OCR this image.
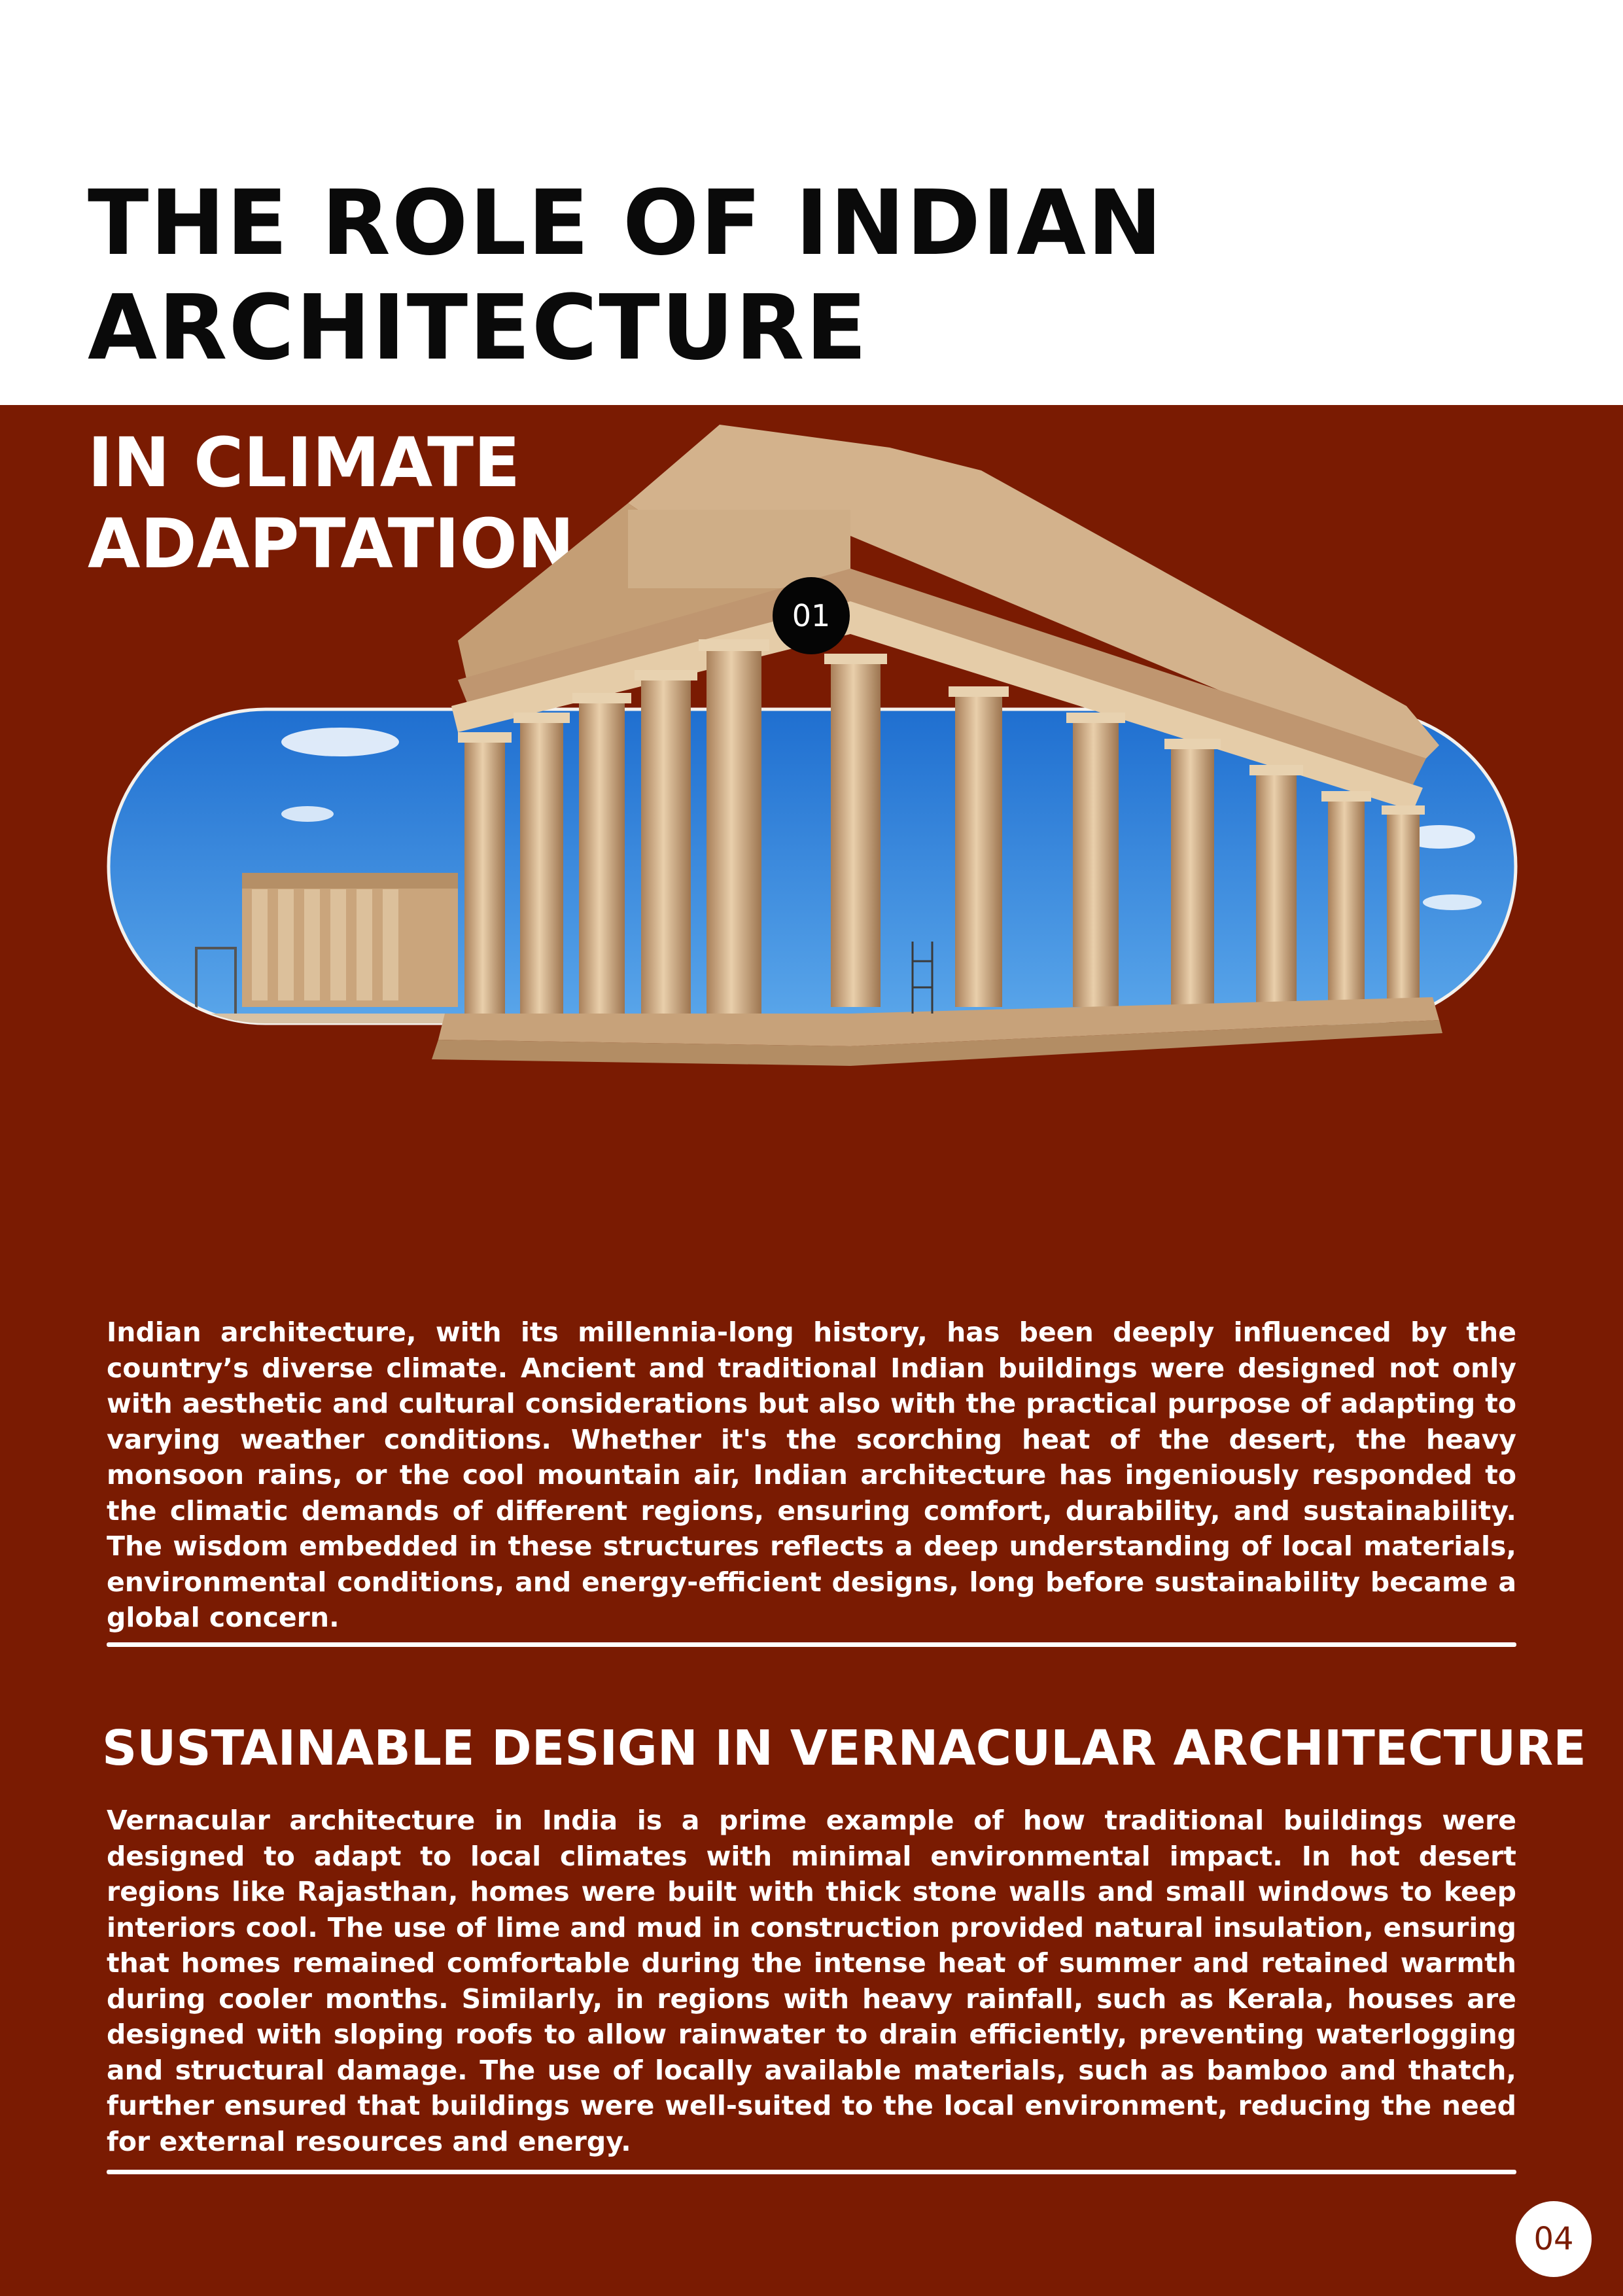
THE ROLE OF INDIAN ARCHITECTURE
IN CLIMATE ADAPTATION
01

Indian architecture, with its millennia-long history, has been deeply influenced by the country’s diverse climate. Ancient and traditional Indian buildings were designed not only with aesthetic and cultural considerations but also with the practical purpose of adapting to varying weather conditions. Whether it's the scorching heat of the desert, the heavy monsoon rains, or the cool mountain air, Indian architecture has ingeniously responded to the climatic demands of different regions, ensuring comfort, durability, and sustainability. The wisdom embedded in these structures reflects a deep understanding of local materials, environmental conditions, and energy-efficient designs, long before sustainability became a global concern.

SUSTAINABLE DESIGN IN VERNACULAR ARCHITECTURE

Vernacular architecture in India is a prime example of how traditional buildings were designed to adapt to local climates with minimal environmental impact. In hot desert regions like Rajasthan, homes were built with thick stone walls and small windows to keep interiors cool. The use of lime and mud in construction provided natural insulation, ensuring that homes remained comfortable during the intense heat of summer and retained warmth during cooler months. Similarly, in regions with heavy rainfall, such as Kerala, houses are designed with sloping roofs to allow rainwater to drain efficiently, preventing waterlogging and structural damage. The use of locally available materials, such as bamboo and thatch, further ensured that buildings were well-suited to the local environment, reducing the need for external resources and energy.

04
